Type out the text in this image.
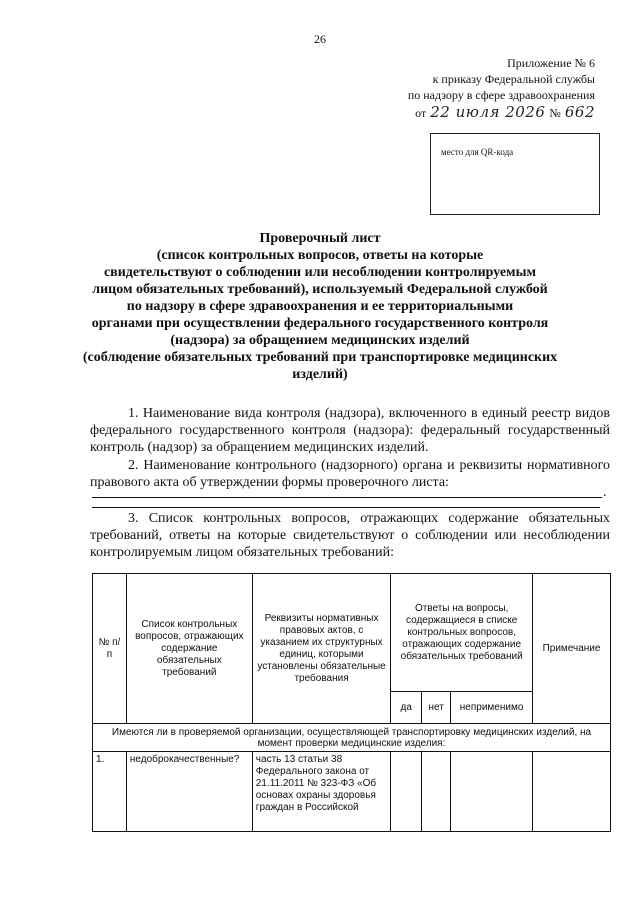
26
Приложение № 6
к приказу Федеральной службы
по надзору в сфере здравоохранения
от 22 июля 2026 № 662
место для QR-кода
Проверочный лист
(список контрольных вопросов, ответы на которые
свидетельствуют о соблюдении или несоблюдении контролируемым
лицом обязательных требований), используемый Федеральной службой
по надзору в сфере здравоохранения и ее территориальными
органами при осуществлении федерального государственного контроля
(надзора) за обращением медицинских изделий
(соблюдение обязательных требований при транспортировке медицинских
изделий)
1. Наименование вида контроля (надзора), включенного в единый реестр видов федерального государственного контроля (надзора): федеральный государственный контроль (надзор) за обращением медицинских изделий.
2. Наименование контрольного (надзорного) органа и реквизиты нормативного правового акта об утверждении формы проверочного листа:
.
3. Список контрольных вопросов, отражающих содержание обязательных требований, ответы на которые свидетельствуют о соблюдении или несоблюдении контролируемым лицом обязательных требований:
№ п/п	Список контрольных вопросов, отражающих содержание обязательных требований	Реквизиты нормативных правовых актов, с указанием их структурных единиц, которыми установлены обязательные требования	Ответы на вопросы, содержащиеся в списке контрольных вопросов, отражающих содержание обязательных требований			Примечание
			да	нет	неприменимо	
Имеются ли в проверяемой организации, осуществляющей транспортировку медицинских изделий, на момент проверки медицинские изделия:						
1.	недоброкачественные?	часть 13 статьи 38 Федерального закона от 21.11.2011 № 323-ФЗ «Об основах охраны здоровья граждан в Российской				
